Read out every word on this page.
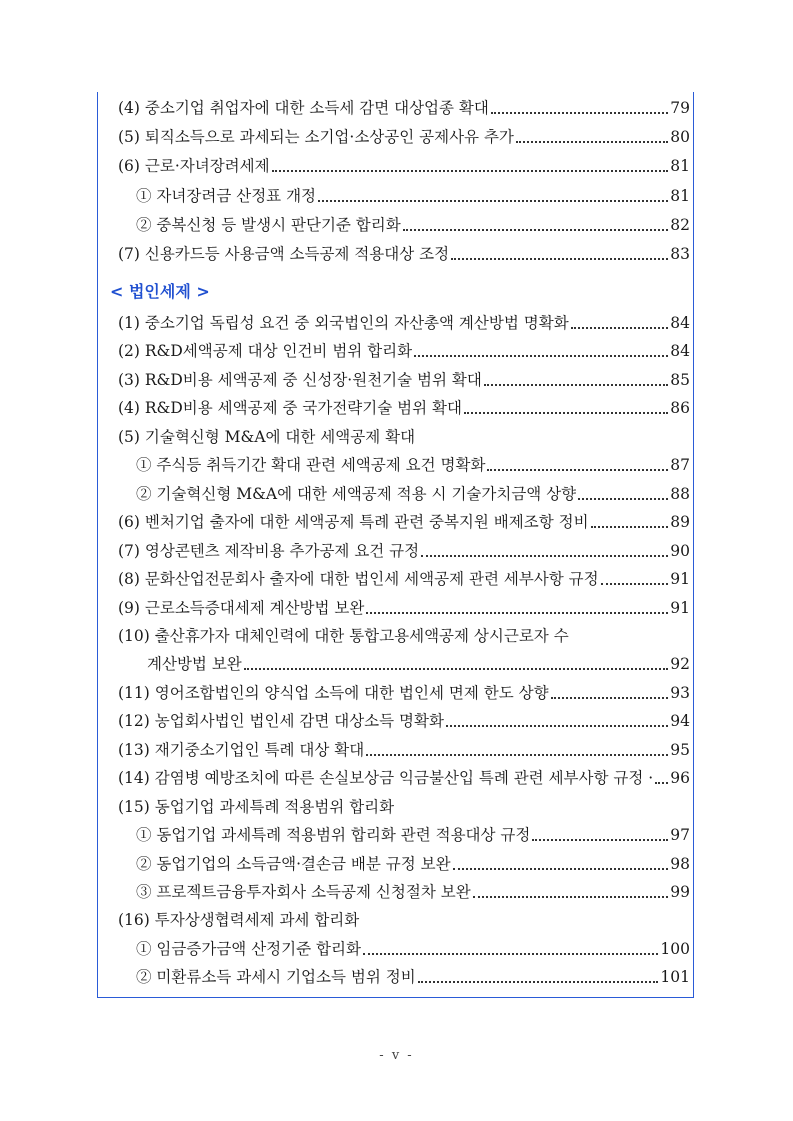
(4) 중소기업 취업자에 대한 소득세 감면 대상업종 확대	79
(5) 퇴직소득으로 과세되는 소기업·소상공인 공제사유 추가	80
(6) 근로·자녀장려세제	81
① 자녀장려금 산정표 개정	81
② 중복신청 등 발생시 판단기준 합리화	82
(7) 신용카드등 사용금액 소득공제 적용대상 조정	83
< 법인세제 >
(1) 중소기업 독립성 요건 중 외국법인의 자산총액 계산방법 명확화	84
(2) R&D세액공제 대상 인건비 범위 합리화	84
(3) R&D비용 세액공제 중 신성장·원천기술 범위 확대	85
(4) R&D비용 세액공제 중 국가전략기술 범위 확대	86
(5) 기술혁신형 M&A에 대한 세액공제 확대
① 주식등 취득기간 확대 관련 세액공제 요건 명확화	87
② 기술혁신형 M&A에 대한 세액공제 적용 시 기술가치금액 상향	88
(6) 벤처기업 출자에 대한 세액공제 특례 관련 중복지원 배제조항 정비	89
(7) 영상콘텐츠 제작비용 추가공제 요건 규정	90
(8) 문화산업전문회사 출자에 대한 법인세 세액공제 관련 세부사항 규정	91
(9) 근로소득증대세제 계산방법 보완	91
(10) 출산휴가자 대체인력에 대한 통합고용세액공제 상시근로자 수
계산방법 보완	92
(11) 영어조합법인의 양식업 소득에 대한 법인세 면제 한도 상향	93
(12) 농업회사법인 법인세 감면 대상소득 명확화	94
(13) 재기중소기업인 특례 대상 확대	95
(14) 감염병 예방조치에 따른 손실보상금 익금불산입 특례 관련 세부사항 규정 · 96
(15) 동업기업 과세특례 적용범위 합리화
① 동업기업 과세특례 적용범위 합리화 관련 적용대상 규정	97
② 동업기업의 소득금액·결손금 배분 규정 보완	98
③ 프로젝트금융투자회사 소득공제 신청절차 보완	99
(16) 투자상생협력세제 과세 합리화
① 임금증가금액 산정기준 합리화	100
② 미환류소득 과세시 기업소득 범위 정비	101
- v -
